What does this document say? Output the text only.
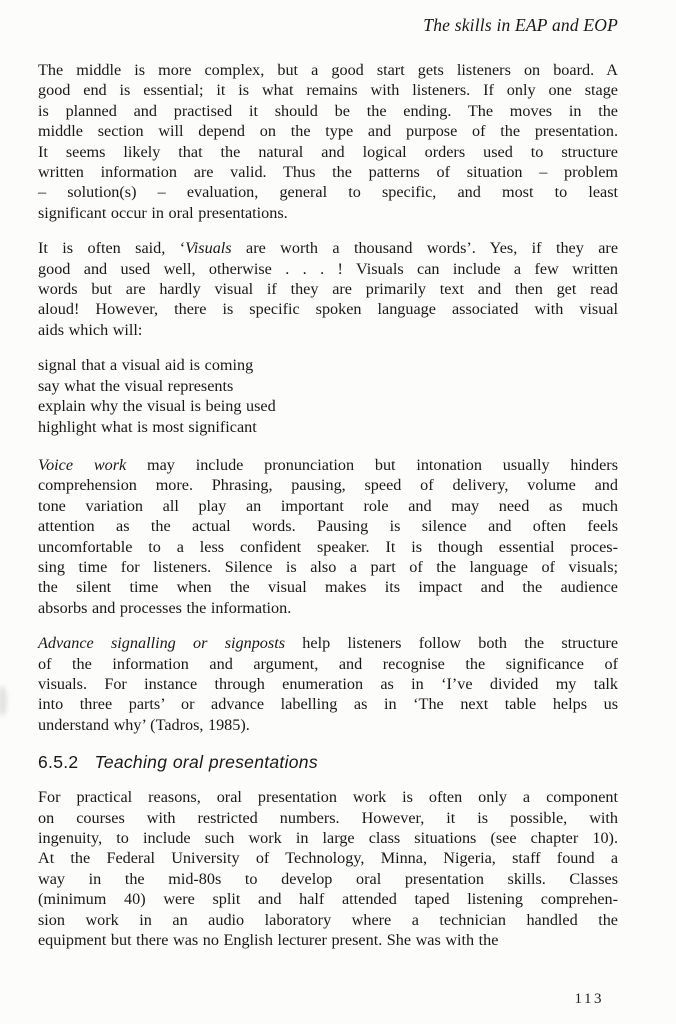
The skills in EAP and EOP
The middle is more complex, but a good start gets listeners on board. A
good end is essential; it is what remains with listeners. If only one stage
is planned and practised it should be the ending. The moves in the
middle section will depend on the type and purpose of the presentation.
It seems likely that the natural and logical orders used to structure
written information are valid. Thus the patterns of situation – problem
– solution(s) – evaluation, general to specific, and most to least
significant occur in oral presentations.
It is often said, ‘Visuals are worth a thousand words’. Yes, if they are
good and used well, otherwise . . . ! Visuals can include a few written
words but are hardly visual if they are primarily text and then get read
aloud! However, there is specific spoken language associated with visual
aids which will:
signal that a visual aid is coming
say what the visual represents
explain why the visual is being used
highlight what is most significant
Voice work may include pronunciation but intonation usually hinders
comprehension more. Phrasing, pausing, speed of delivery, volume and
tone variation all play an important role and may need as much
attention as the actual words. Pausing is silence and often feels
uncomfortable to a less confident speaker. It is though essential proces-
sing time for listeners. Silence is also a part of the language of visuals;
the silent time when the visual makes its impact and the audience
absorbs and processes the information.
Advance signalling or signposts help listeners follow both the structure
of the information and argument, and recognise the significance of
visuals. For instance through enumeration as in ‘I’ve divided my talk
into three parts’ or advance labelling as in ‘The next table helps us
understand why’ (Tadros, 1985).
6.5.2 Teaching oral presentations
For practical reasons, oral presentation work is often only a component
on courses with restricted numbers. However, it is possible, with
ingenuity, to include such work in large class situations (see chapter 10).
At the Federal University of Technology, Minna, Nigeria, staff found a
way in the mid-80s to develop oral presentation skills. Classes
(minimum 40) were split and half attended taped listening comprehen-
sion work in an audio laboratory where a technician handled the
equipment but there was no English lecturer present. She was with the
113
